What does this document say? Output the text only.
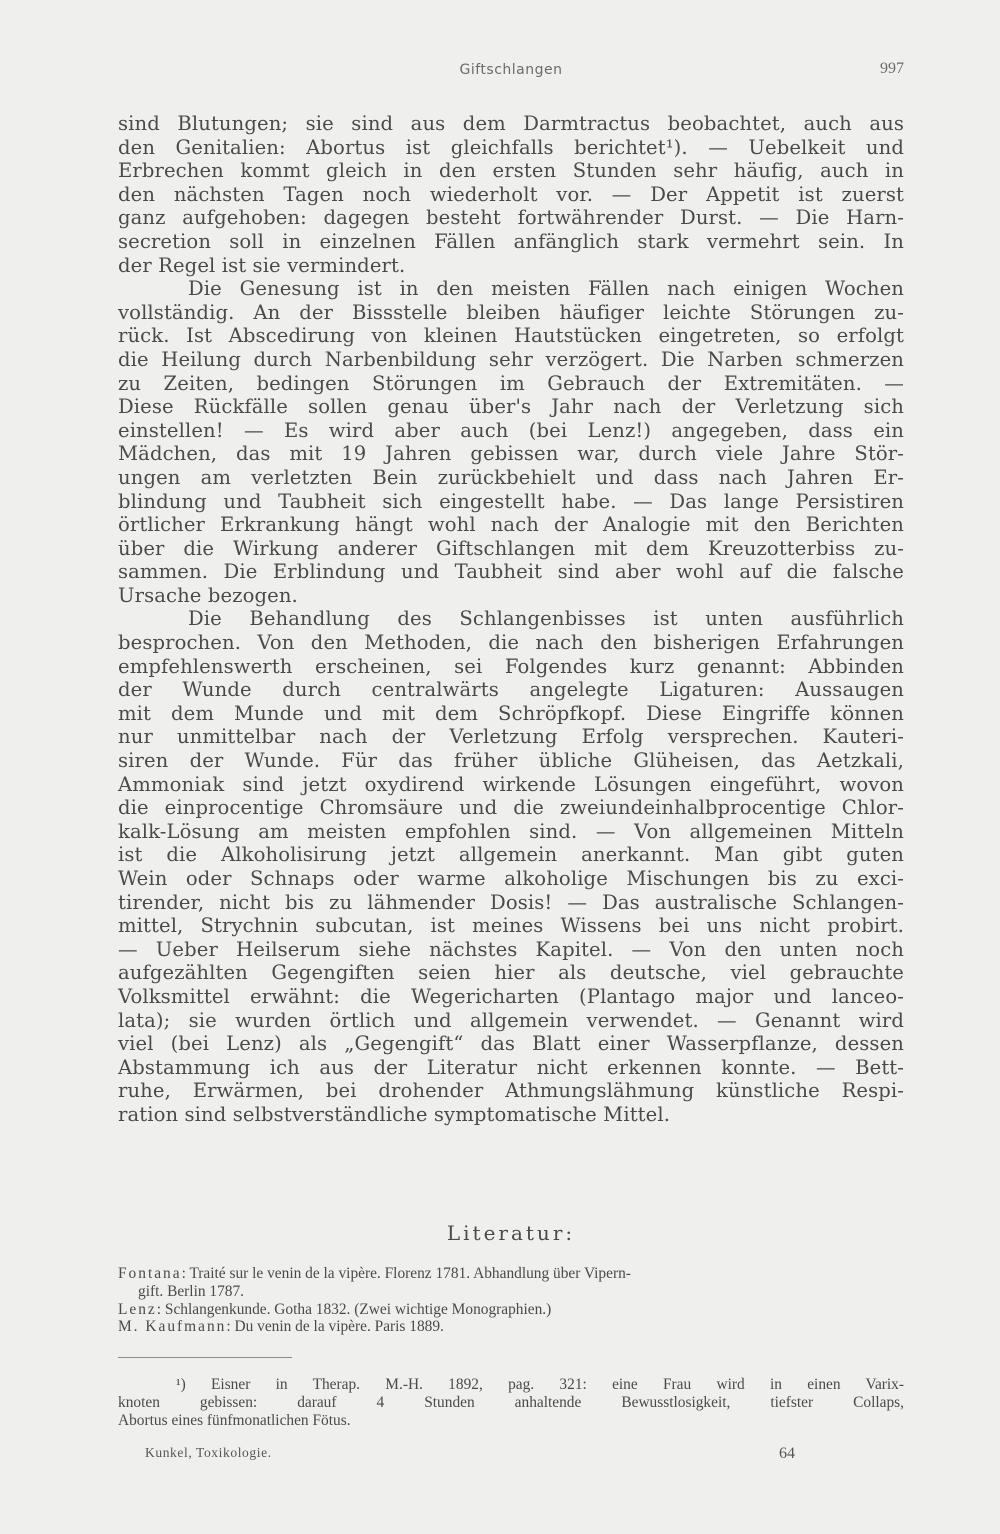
Giftschlangen	997
sind Blutungen; sie sind aus dem Darmtractus beobachtet, auch aus
den Genitalien: Abortus ist gleichfalls berichtet¹). — Uebelkeit und
Erbrechen kommt gleich in den ersten Stunden sehr häufig, auch in
den nächsten Tagen noch wiederholt vor. — Der Appetit ist zuerst
ganz aufgehoben: dagegen besteht fortwährender Durst. — Die Harn-
secretion soll in einzelnen Fällen anfänglich stark vermehrt sein. In
der Regel ist sie vermindert.
Die Genesung ist in den meisten Fällen nach einigen Wochen
vollständig. An der Bissstelle bleiben häufiger leichte Störungen zu-
rück. Ist Abscedirung von kleinen Hautstücken eingetreten, so erfolgt
die Heilung durch Narbenbildung sehr verzögert. Die Narben schmerzen
zu Zeiten, bedingen Störungen im Gebrauch der Extremitäten. —
Diese Rückfälle sollen genau über's Jahr nach der Verletzung sich
einstellen! — Es wird aber auch (bei Lenz!) angegeben, dass ein
Mädchen, das mit 19 Jahren gebissen war, durch viele Jahre Stör-
ungen am verletzten Bein zurückbehielt und dass nach Jahren Er-
blindung und Taubheit sich eingestellt habe. — Das lange Persistiren
örtlicher Erkrankung hängt wohl nach der Analogie mit den Berichten
über die Wirkung anderer Giftschlangen mit dem Kreuzotterbiss zu-
sammen. Die Erblindung und Taubheit sind aber wohl auf die falsche
Ursache bezogen.
Die Behandlung des Schlangenbisses ist unten ausführlich
besprochen. Von den Methoden, die nach den bisherigen Erfahrungen
empfehlenswerth erscheinen, sei Folgendes kurz genannt: Abbinden
der Wunde durch centralwärts angelegte Ligaturen: Aussaugen
mit dem Munde und mit dem Schröpfkopf. Diese Eingriffe können
nur unmittelbar nach der Verletzung Erfolg versprechen. Kauteri-
siren der Wunde. Für das früher übliche Glüheisen, das Aetzkali,
Ammoniak sind jetzt oxydirend wirkende Lösungen eingeführt, wovon
die einprocentige Chromsäure und die zweiundeinhalbprocentige Chlor-
kalk-Lösung am meisten empfohlen sind. — Von allgemeinen Mitteln
ist die Alkoholisirung jetzt allgemein anerkannt. Man gibt guten
Wein oder Schnaps oder warme alkoholige Mischungen bis zu exci-
tirender, nicht bis zu lähmender Dosis! — Das australische Schlangen-
mittel, Strychnin subcutan, ist meines Wissens bei uns nicht probirt.
— Ueber Heilserum siehe nächstes Kapitel. — Von den unten noch
aufgezählten Gegengiften seien hier als deutsche, viel gebrauchte
Volksmittel erwähnt: die Wegericharten (Plantago major und lanceo-
lata); sie wurden örtlich und allgemein verwendet. — Genannt wird
viel (bei Lenz) als „Gegengift“ das Blatt einer Wasserpflanze, dessen
Abstammung ich aus der Literatur nicht erkennen konnte. — Bett-
ruhe, Erwärmen, bei drohender Athmungslähmung künstliche Respi-
ration sind selbstverständliche symptomatische Mittel.
Literatur:
Fontana: Traité sur le venin de la vipère. Florenz 1781. Abhandlung über Vipern-
gift. Berlin 1787.
Lenz: Schlangenkunde. Gotha 1832. (Zwei wichtige Monographien.)
M. Kaufmann: Du venin de la vipère. Paris 1889.
¹) Eisner in Therap. M.-H. 1892, pag. 321: eine Frau wird in einen Varix-
knoten gebissen: darauf 4 Stunden anhaltende Bewusstlosigkeit, tiefster Collaps,
Abortus eines fünfmonatlichen Fötus.
Kunkel, Toxikologie.	64
